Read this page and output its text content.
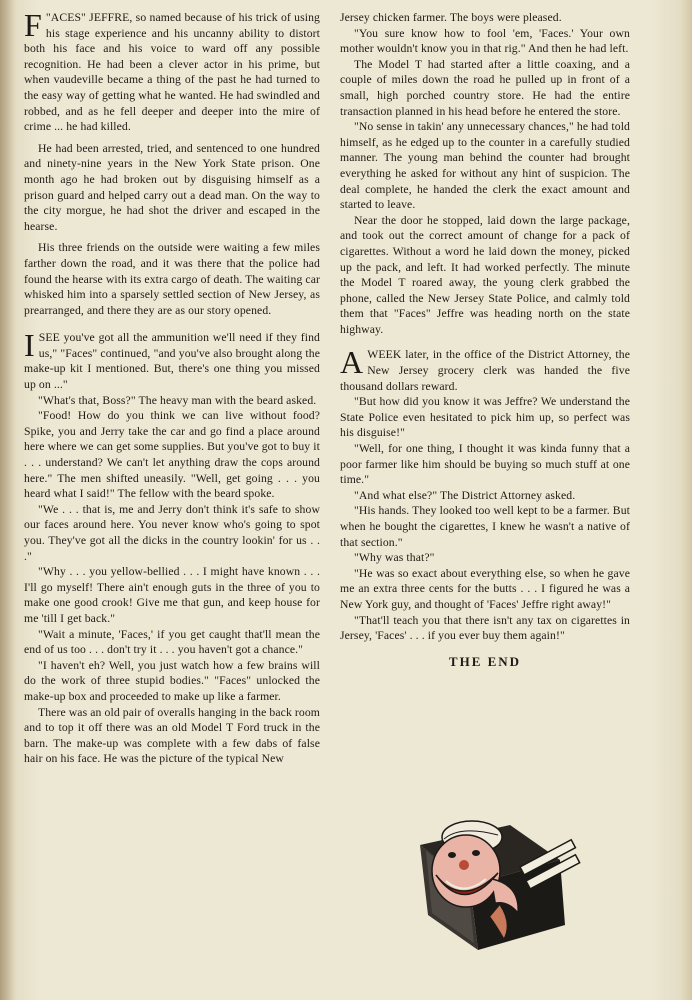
F "ACES" JEFFRE, so named because of his trick of using his stage experience and his uncanny ability to distort both his face and his voice to ward off any possible recognition. He had been a clever actor in his prime, but when vaudeville became a thing of the past he had turned to the easy way of getting what he wanted. He had swindled and robbed, and as he fell deeper and deeper into the mire of crime ... he had killed.

He had been arrested, tried, and sentenced to one hundred and ninety-nine years in the New York State prison. One month ago he had broken out by disguising himself as a prison guard and helped carry out a dead man. On the way to the city morgue, he had shot the driver and escaped in the hearse.

His three friends on the outside were waiting a few miles farther down the road, and it was there that the police had found the hearse with its extra cargo of death. The waiting car whisked him into a sparsely settled section of New Jersey, as prearranged, and there they are as our story opened.

ISEE you've got all the ammunition we'll need if they find us," "Faces" continued, "and you've also brought along the make-up kit I mentioned. But, there's one thing you missed up on ..."

"What's that, Boss?" The heavy man with the beard asked.

"Food! How do you think we can live without food? Spike, you and Jerry take the car and go find a place around here where we can get some supplies. But you've got to buy it . . . understand? We can't let anything draw the cops around here." The men shifted uneasily. "Well, get going . . . you heard what I said!" The fellow with the beard spoke.

"We . . . that is, me and Jerry don't think it's safe to show our faces around here. You never know who's going to spot you. They've got all the dicks in the country lookin' for us . . ."

"Why . . . you yellow-bellied . . . I might have known . . . I'll go myself! There ain't enough guts in the three of you to make one good crook! Give me that gun, and keep house for me 'till I get back."

"Wait a minute, 'Faces,' if you get caught that'll mean the end of us too . . . don't try it . . . you haven't got a chance."

"I haven't eh? Well, you just watch how a few brains will do the work of three stupid bodies." "Faces" unlocked the make-up box and proceeded to make up like a farmer.

There was an old pair of overalls hanging in the back room and to top it off there was an old Model T Ford truck in the barn. The make-up was complete with a few dabs of false hair on his face. He was the picture of the typical New

Jersey chicken farmer. The boys were pleased.

"You sure know how to fool 'em, 'Faces.' Your own mother wouldn't know you in that rig." And then he had left.

The Model T had started after a little coaxing, and a couple of miles down the road he pulled up in front of a small, high porched country store. He had the entire transaction planned in his head before he entered the store.

"No sense in takin' any unnecessary chances," he had told himself, as he edged up to the counter in a carefully studied manner. The young man behind the counter had brought everything he asked for without any hint of suspicion. The deal complete, he handed the clerk the exact amount and started to leave.

Near the door he stopped, laid down the large package, and took out the correct amount of change for a pack of cigarettes. Without a word he laid down the money, picked up the pack, and left. It had worked perfectly. The minute the Model T roared away, the young clerk grabbed the phone, called the New Jersey State Police, and calmly told them that "Faces" Jeffre was heading north on the state highway.

AWEEK later, in the office of the District Attorney, the New Jersey grocery clerk was handed the five thousand dollars reward.

"But how did you know it was Jeffre? We understand the State Police even hesitated to pick him up, so perfect was his disguise!"

"Well, for one thing, I thought it was kinda funny that a poor farmer like him should be buying so much stuff at one time."

"And what else?" The District Attorney asked.

"His hands. They looked too well kept to be a farmer. But when he bought the cigarettes, I knew he wasn't a native of that section."

"Why was that?"

"He was so exact about everything else, so when he gave me an extra three cents for the butts . . . I figured he was a New York guy, and thought of 'Faces' Jeffre right away!"

"That'll teach you that there isn't any tax on cigarettes in Jersey, 'Faces' . . . if you ever buy them again!"

THE END
